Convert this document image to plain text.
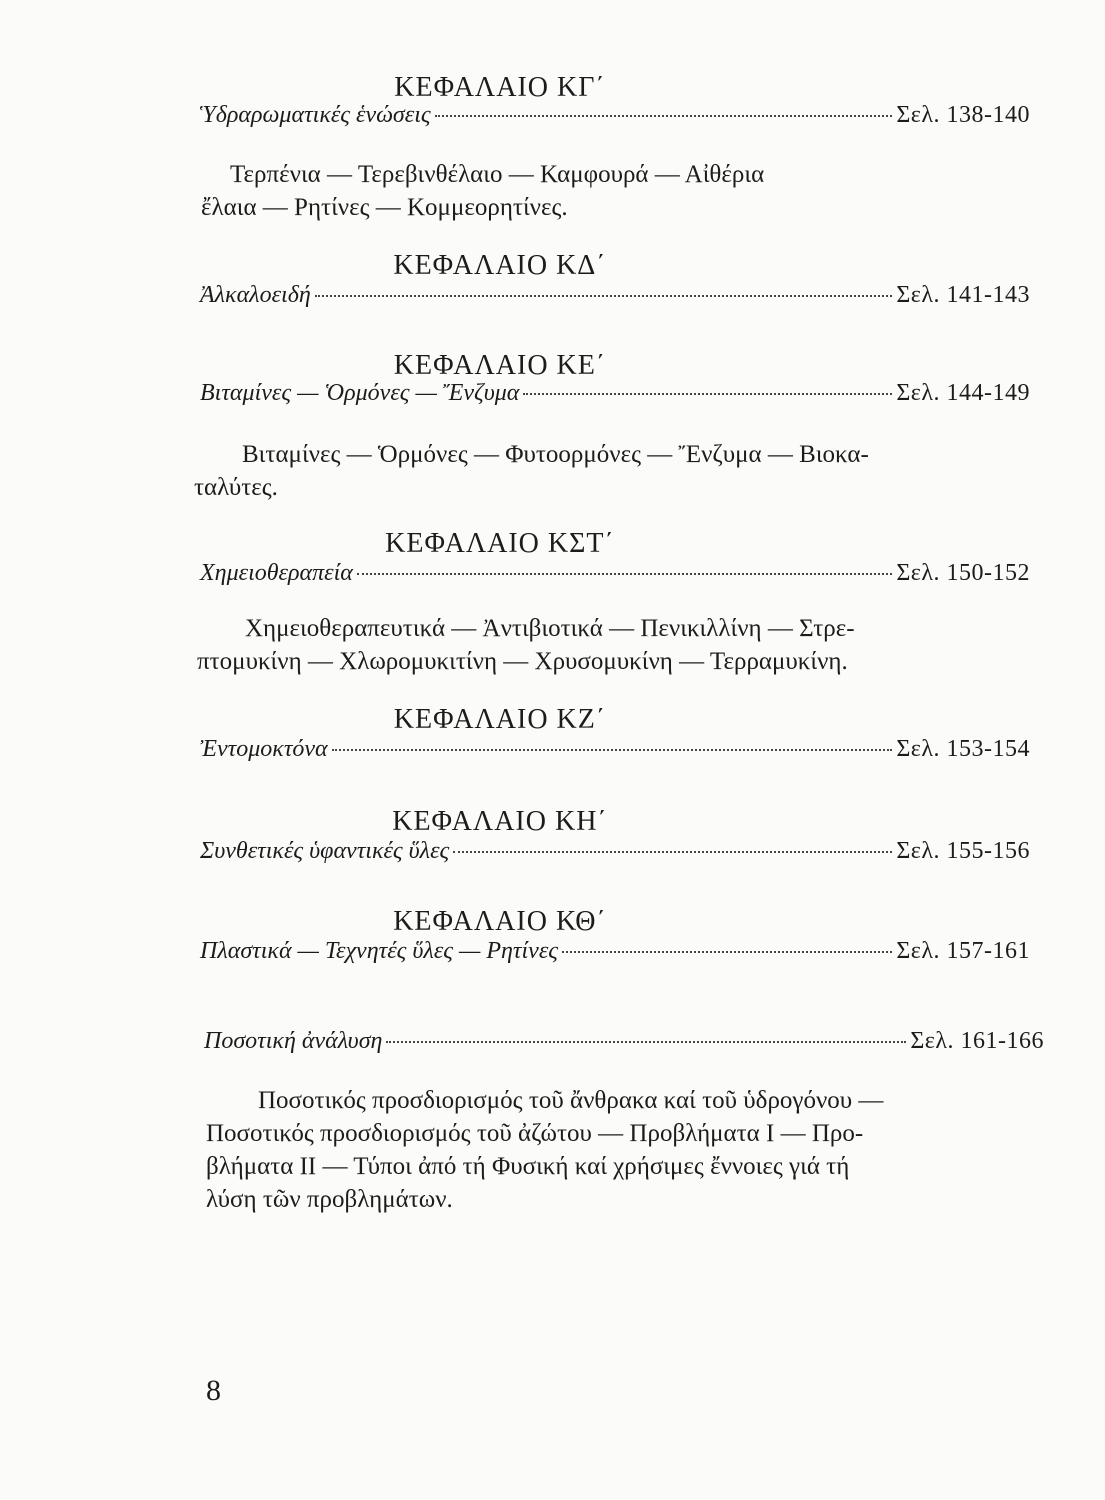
ΚΕΦΑΛΑΙΟ ΚΓ΄
Ὑδραρωματικές ἑνώσεις	Σελ. 138-140
Τερπένια — Τερεβινθέλαιο — Καμφουρά — Αἰθέρια
ἔλαια — Ρητίνες — Κομμεορητίνες.
ΚΕΦΑΛΑΙΟ ΚΔ΄
Ἀλκαλοειδή	Σελ. 141-143
ΚΕΦΑΛΑΙΟ ΚΕ΄
Βιταμίνες — Ὁρμόνες — Ἔνζυμα	Σελ. 144-149
Βιταμίνες — Ὁρμόνες — Φυτοορμόνες — Ἔνζυμα — Βιοκα-
ταλύτες.
ΚΕΦΑΛΑΙΟ ΚΣΤ΄
Χημειοθεραπεία	Σελ. 150-152
Χημειοθεραπευτικά — Ἀντιβιοτικά — Πενικιλλίνη — Στρε-
πτομυκίνη — Χλωρομυκιτίνη — Χρυσομυκίνη — Τερραμυκίνη.
ΚΕΦΑΛΑΙΟ ΚΖ΄
Ἐντομοκτόνα	Σελ. 153-154
ΚΕΦΑΛΑΙΟ ΚΗ΄
Συνθετικές ὑφαντικές ὕλες	Σελ. 155-156
ΚΕΦΑΛΑΙΟ ΚΘ΄
Πλαστικά — Τεχνητές ὕλες — Ρητίνες	Σελ. 157-161
Ποσοτική ἀνάλυση	Σελ. 161-166
Ποσοτικός προσδιορισμός τοῦ ἄνθρακα καί τοῦ ὑδρογόνου —
Ποσοτικός προσδιορισμός τοῦ ἀζώτου — Προβλήματα Ι — Προ-
βλήματα ΙΙ — Τύποι ἀπό τή Φυσική καί χρήσιμες ἔννοιες γιά τή
λύση τῶν προβλημάτων.
8
